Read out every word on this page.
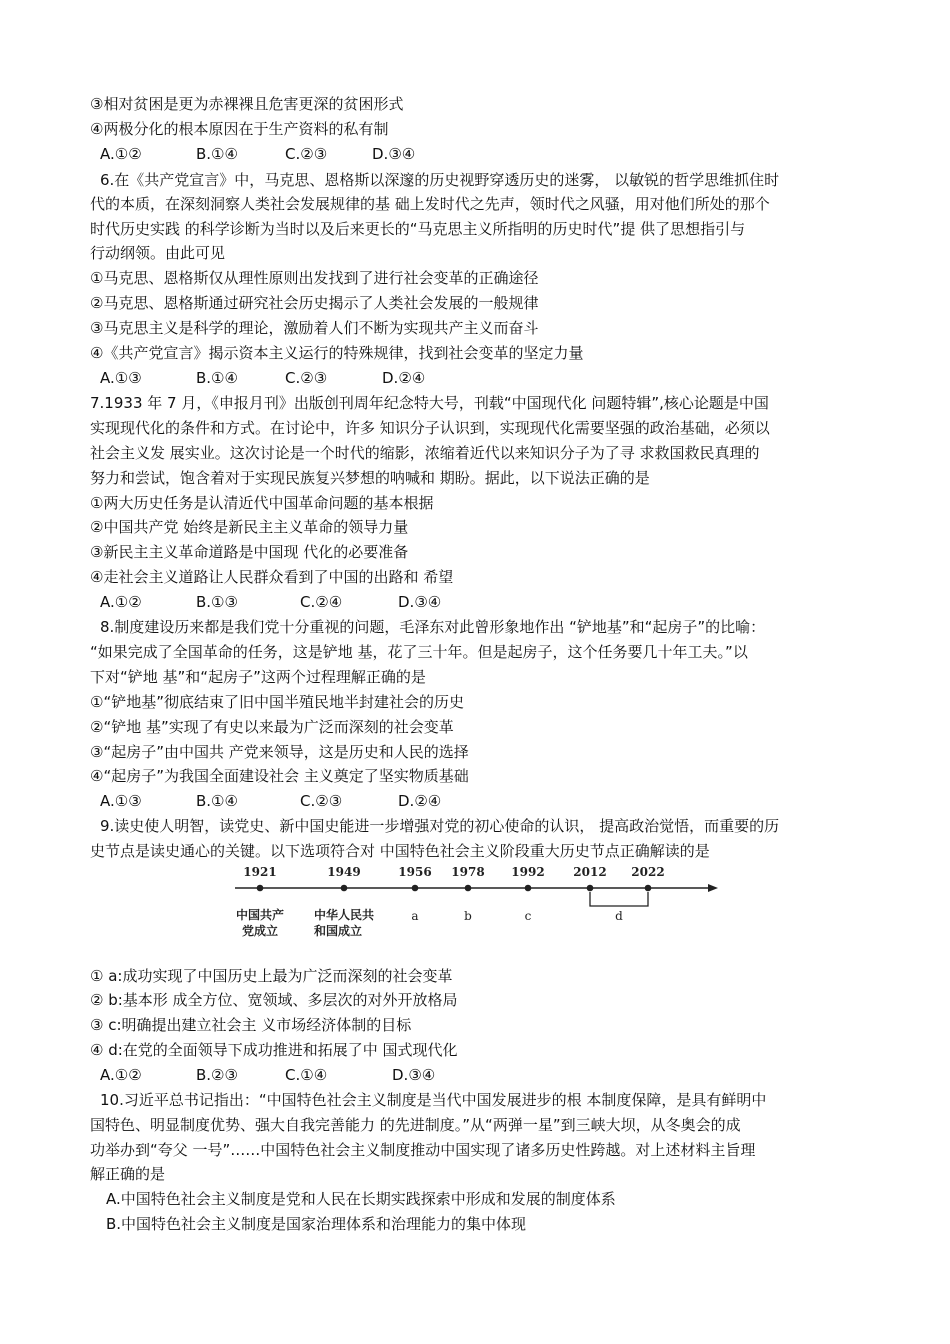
③相对贫困是更为赤裸裸且危害更深的贫困形式
④两极分化的根本原因在于生产资料的私有制
A.①②	B.①④	C.②③	D.③④
6.在《共产党宣言》中，马克思、恩格斯以深邃的历史视野穿透历史的迷雾， 以敏锐的哲学思维抓住时
代的本质，在深刻洞察人类社会发展规律的基 础上发时代之先声，领时代之风骚，用对他们所处的那个
时代历史实践 的科学诊断为当时以及后来更长的“马克思主义所指明的历史时代”提 供了思想指引与
行动纲领。由此可见
①马克思、恩格斯仅从理性原则出发找到了进行社会变革的正确途径
②马克思、恩格斯通过研究社会历史揭示了人类社会发展的一般规律
③马克思主义是科学的理论，激励着人们不断为实现共产主义而奋斗
④《共产党宣言》揭示资本主义运行的特殊规律，找到社会变革的坚定力量
A.①③	B.①④	C.②③	D.②④
7.1933 年 7 月，《申报月刊》出版创刊周年纪念特大号，刊载“中国现代化 问题特辑”,核心论题是中国
实现现代化的条件和方式。在讨论中，许多 知识分子认识到，实现现代化需要坚强的政治基础，必须以
社会主义发 展实业。这次讨论是一个时代的缩影，浓缩着近代以来知识分子为了寻 求救国救民真理的
努力和尝试，饱含着对于实现民族复兴梦想的呐喊和 期盼。据此，以下说法正确的是
①两大历史任务是认清近代中国革命问题的基本根据
②中国共产党 始终是新民主主义革命的领导力量
③新民主主义革命道路是中国现 代化的必要准备
④走社会主义道路让人民群众看到了中国的出路和 希望
A.①②	B.①③	C.②④	D.③④
8.制度建设历来都是我们党十分重视的问题，毛泽东对此曾形象地作出 “铲地基”和“起房子”的比喻：
“如果完成了全国革命的任务，这是铲地 基，花了三十年。但是起房子，这个任务要几十年工夫。”以
下对“铲地 基”和“起房子”这两个过程理解正确的是
①“铲地基”彻底结束了旧中国半殖民地半封建社会的历史
②“铲地 基”实现了有史以来最为广泛而深刻的社会变革
③“起房子”由中国共 产党来领导，这是历史和人民的选择
④“起房子”为我国全面建设社会 主义奠定了坚实物质基础
A.①③	B.①④	C.②③	D.②④
9.读史使人明智，读党史、新中国史能进一步增强对党的初心使命的认识， 提高政治觉悟，而重要的历
史节点是读史通心的关键。以下选项符合对 中国特色社会主义阶段重大历史节点正确解读的是
1921	1949	1956 1978 1992 2012 2022
中国共产
党成立
中华人民共
和国成立
a	b	c	d
① a:成功实现了中国历史上最为广泛而深刻的社会变革
② b:基本形 成全方位、宽领域、多层次的对外开放格局
③ c:明确提出建立社会主 义市场经济体制的目标
④ d:在党的全面领导下成功推进和拓展了中 国式现代化
A.①②	B.②③	C.①④	D.③④
10.习近平总书记指出：“中国特色社会主义制度是当代中国发展进步的根 本制度保障，是具有鲜明中
国特色、明显制度优势、强大自我完善能力 的先进制度。”从“两弹一星”到三峡大坝，从冬奥会的成
功举办到“夸父 一号”……中国特色社会主义制度推动中国实现了诸多历史性跨越。对上述材料主旨理
解正确的是
A.中国特色社会主义制度是党和人民在长期实践探索中形成和发展的制度体系
B.中国特色社会主义制度是国家治理体系和治理能力的集中体现
